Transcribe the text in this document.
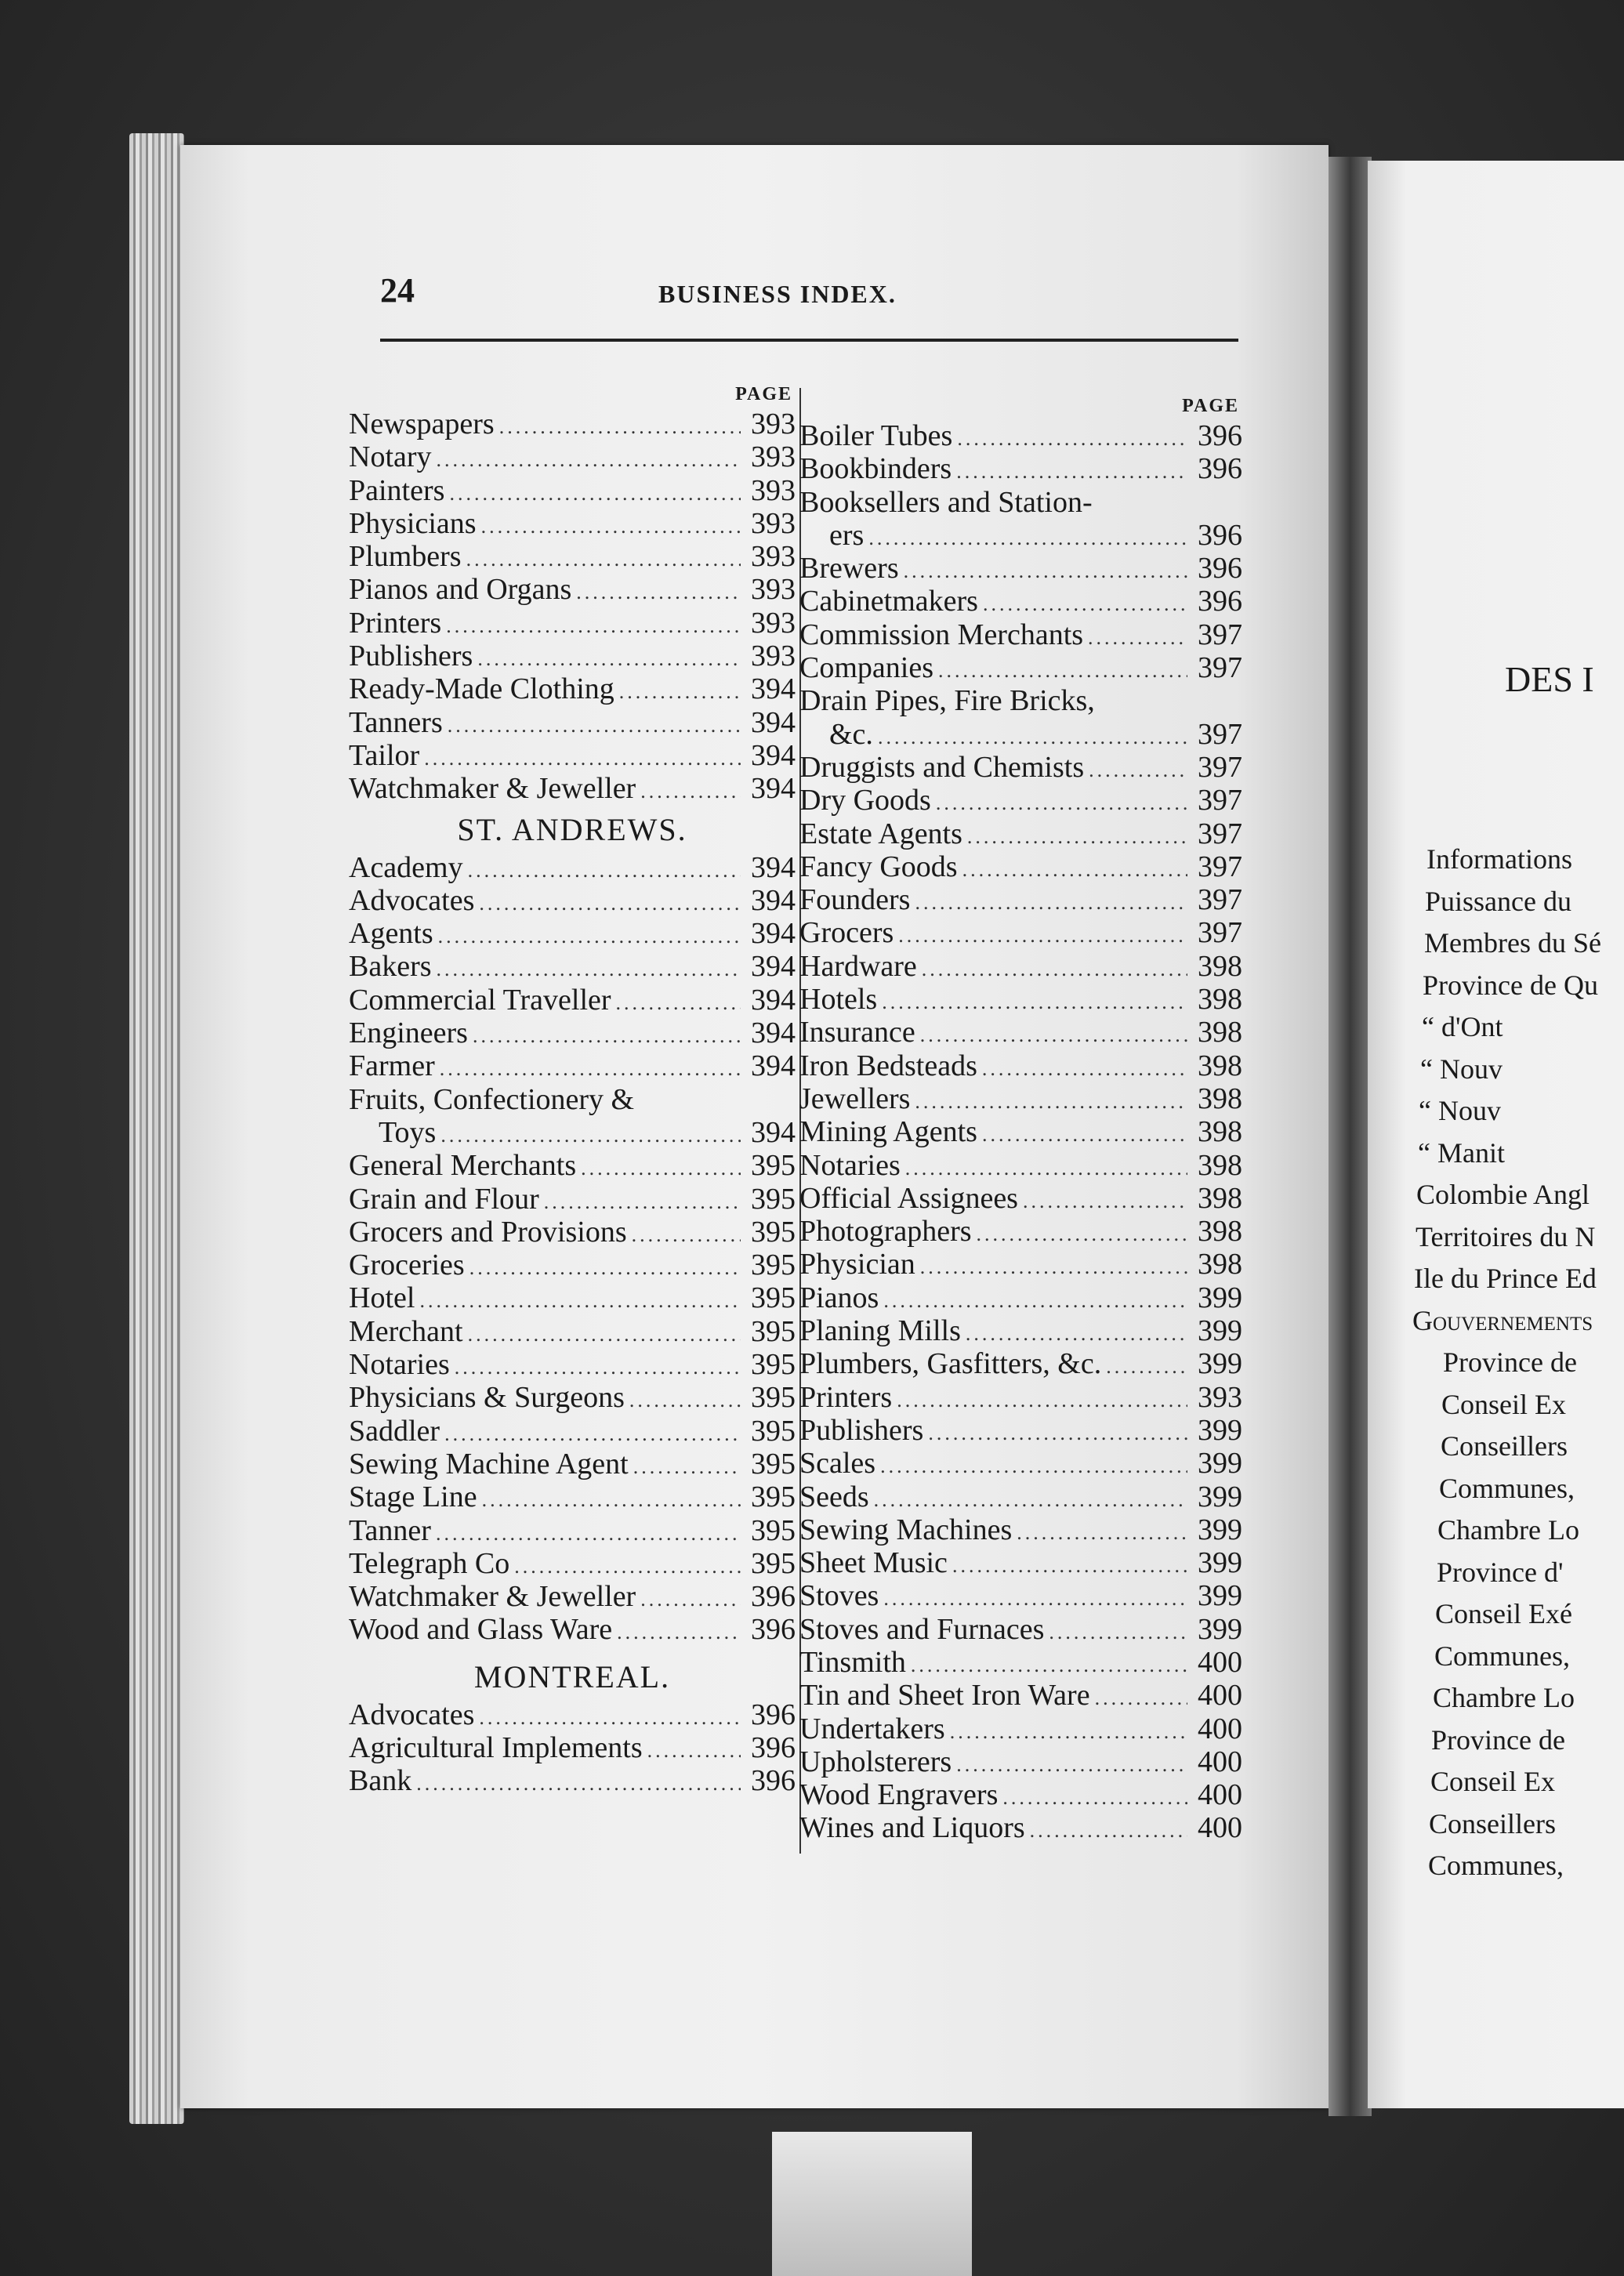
24	BUSINESS INDEX.
PAGE
Newspapers .....	393
Notary .....	393
Painters .....	393
Physicians .....	393
Plumbers .....	393
Pianos and Organs .....	393
Printers .....	393
Publishers .....	393
Ready-Made Clothing .....	394
Tanners .....	394
Tailor .....	394
Watchmaker & Jeweller .....	394
ST. ANDREWS.
Academy .....	394
Advocates .....	394
Agents .....	394
Bakers .....	394
Commercial Traveller .....	394
Engineers .....	394
Farmer .....	394
Fruits, Confectionery &
Toys .....	394
General Merchants .....	395
Grain and Flour .....	395
Grocers and Provisions .....	395
Groceries .....	395
Hotel .....	395
Merchant .....	395
Notaries .....	395
Physicians & Surgeons .....	395
Saddler .....	395
Sewing Machine Agent .....	395
Stage Line .....	395
Tanner .....	395
Telegraph Co .....	395
Watchmaker & Jeweller .....	396
Wood and Glass Ware .....	396
MONTREAL.
Advocates .....	396
Agricultural Implements .....	396
Bank .....	396
PAGE
Boiler Tubes .....	396
Bookbinders .....	396
Booksellers and Station-
ers .....	396
Brewers .....	396
Cabinetmakers .....	396
Commission Merchants .....	397
Companies .....	397
Drain Pipes, Fire Bricks,
&c. .....	397
Druggists and Chemists .....	397
Dry Goods .....	397
Estate Agents .....	397
Fancy Goods .....	397
Founders .....	397
Grocers .....	397
Hardware .....	398
Hotels .....	398
Insurance .....	398
Iron Bedsteads .....	398
Jewellers .....	398
Mining Agents .....	398
Notaries .....	398
Official Assignees .....	398
Photographers .....	398
Physician .....	398
Pianos .....	399
Planing Mills .....	399
Plumbers, Gasfitters, &c. .....	399
Printers .....	393
Publishers .....	399
Scales .....	399
Seeds .....	399
Sewing Machines .....	399
Sheet Music .....	399
Stoves .....	399
Stoves and Furnaces .....	399
Tinsmith .....	400
Tin and Sheet Iron Ware .....	400
Undertakers .....	400
Upholsterers .....	400
Wood Engravers .....	400
Wines and Liquors .....	400
DES I
Informations
Puissance du
Membres du Sé
Province de Qu
“ d'Ont
“ Nouv
“ Nouv
“ Manit
Colombie Angl
Territoires du N
Ile du Prince Ed
Gouvernements
Province de
Conseil Ex
Conseillers
Communes,
Chambre Lo
Province d'
Conseil Exé
Communes,
Chambre Lo
Province de
Conseil Ex
Conseillers
Communes,
